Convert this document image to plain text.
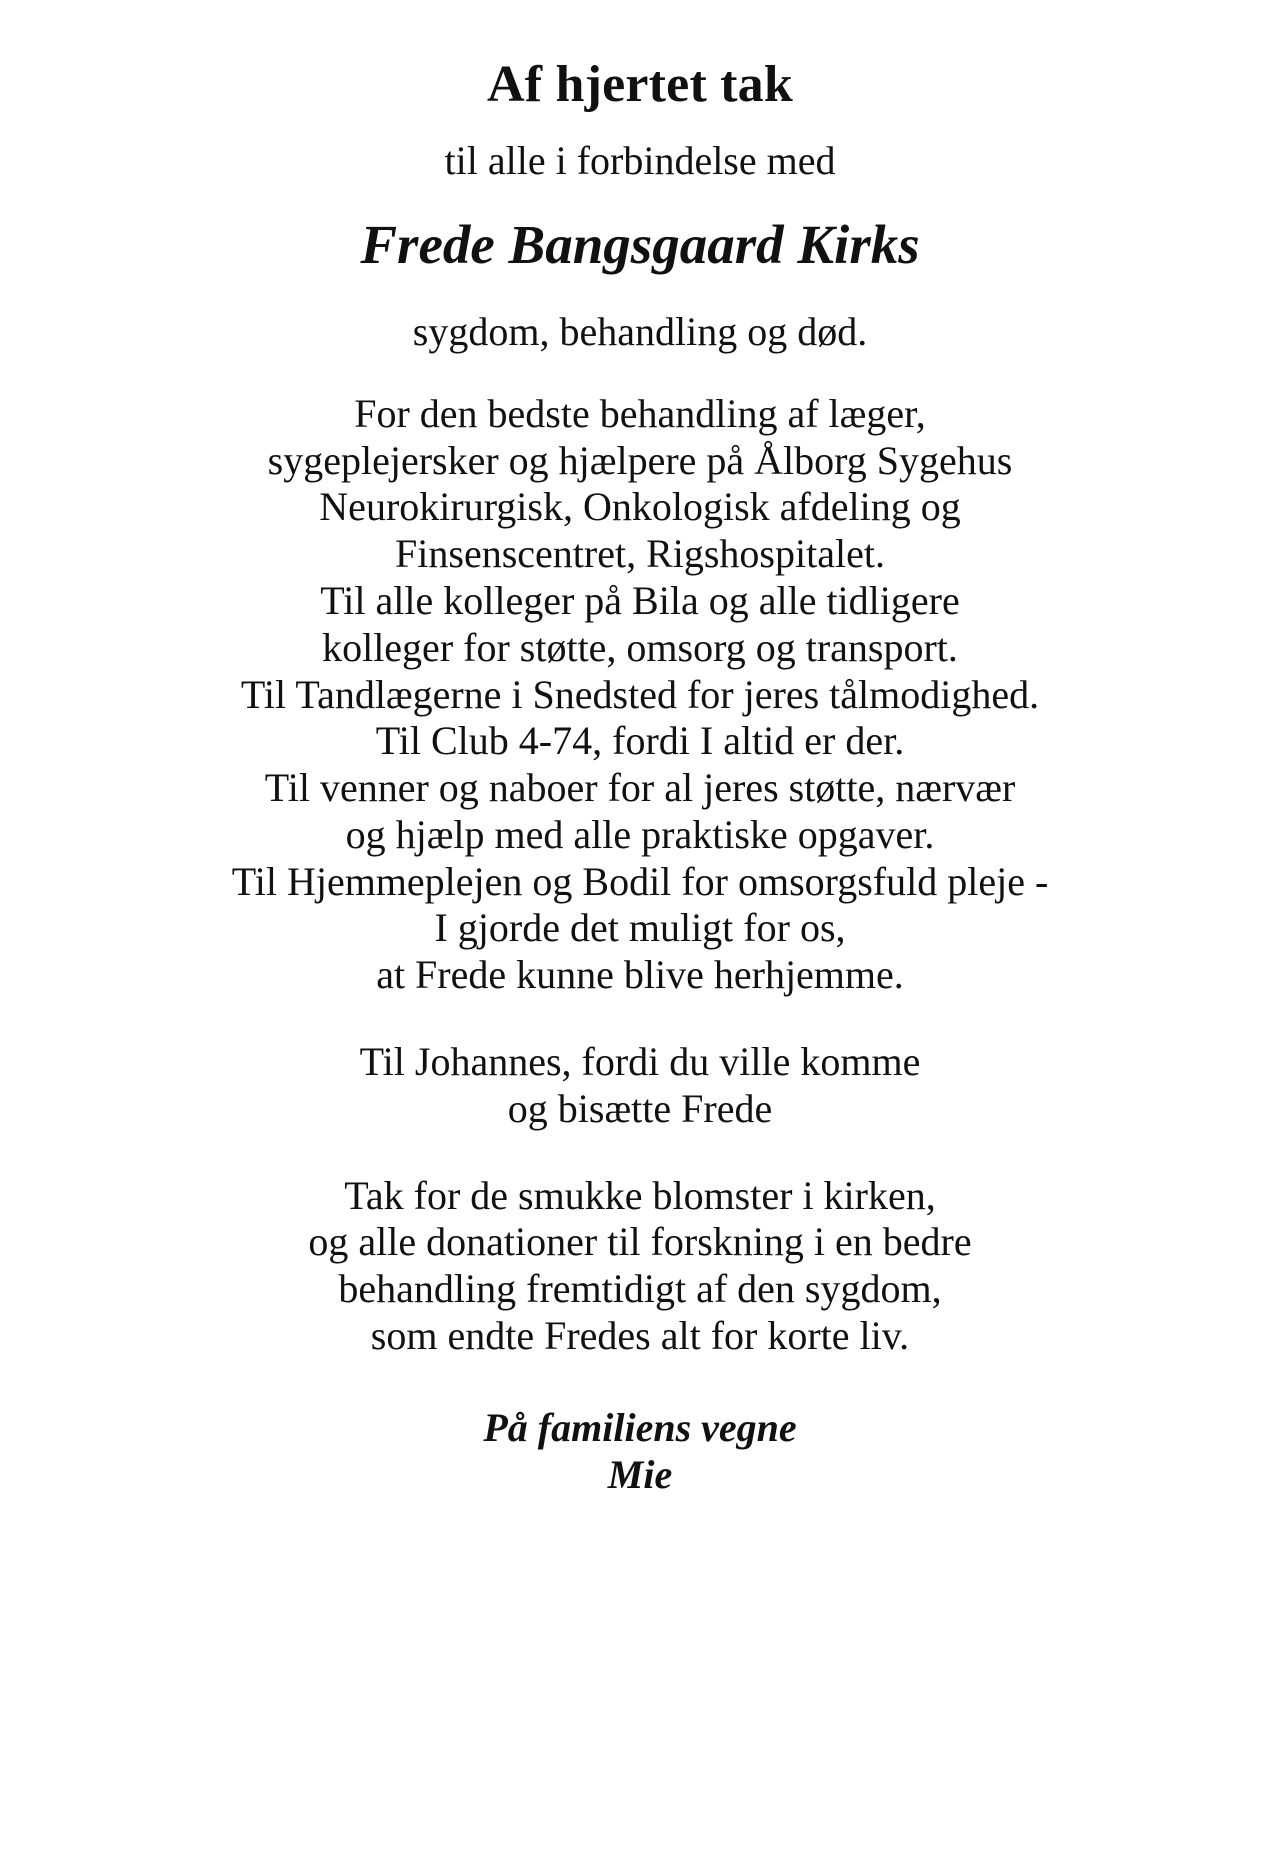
Af hjertet tak

til alle i forbindelse med

Frede Bangsgaard Kirks

sygdom, behandling og død.

For den bedste behandling af læger,
sygeplejersker og hjælpere på Ålborg Sygehus
Neurokirurgisk, Onkologisk afdeling og
Finsenscentret, Rigshospitalet.
Til alle kolleger på Bila og alle tidligere
kolleger for støtte, omsorg og transport.
Til Tandlægerne i Snedsted for jeres tålmodighed.
Til Club 4-74, fordi I altid er der.
Til venner og naboer for al jeres støtte, nærvær
og hjælp med alle praktiske opgaver.
Til Hjemmeplejen og Bodil for omsorgsfuld pleje -
I gjorde det muligt for os,
at Frede kunne blive herhjemme.

Til Johannes, fordi du ville komme
og bisætte Frede

Tak for de smukke blomster i kirken,
og alle donationer til forskning i en bedre
behandling fremtidigt af den sygdom,
som endte Fredes alt for korte liv.

På familiens vegne
Mie
